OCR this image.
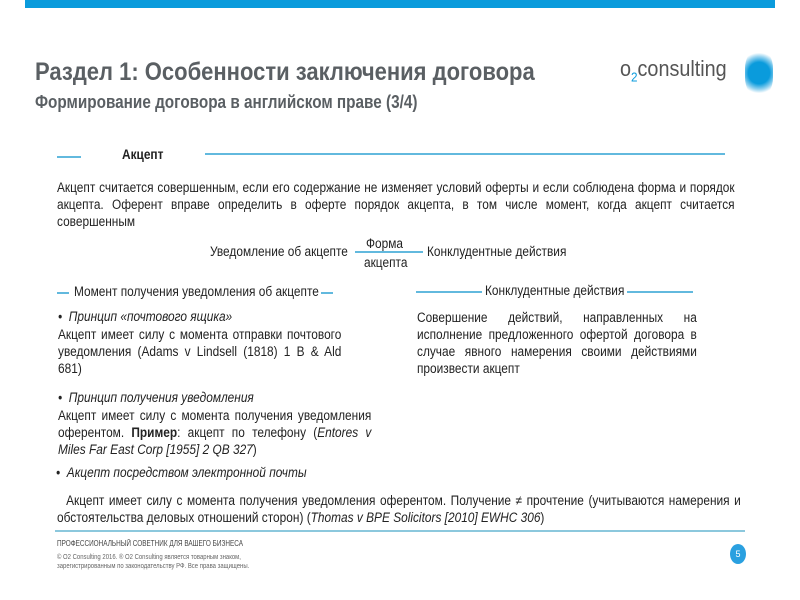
Раздел 1: Особенности заключения договора
Формирование договора в английском праве (3/4)
$o_2consulting$
Акцепт
Акцепт считается совершенным, если его содержание не изменяет условий оферты и если соблюдена форма и порядок акцепта. Оферент вправе определить в оферте порядок акцепта, в том числе момент, когда акцепт считается совершенным
Уведомление об акцепте
Форма
акцепта
Конклудентные действия
Момент получения уведомления об акцепте
•  Принцип «почтового ящика»
Акцепт имеет силу с момента отправки почтового уведомления (Adams v Lindsell (1818) 1 B & Ald 681)
•  Принцип получения уведомления
Акцепт имеет силу с момента получения уведомления оферентом. Пример: акцепт по телефону (Entores v Miles Far East Corp [1955] 2 QB 327)
•  Акцепт посредством электронной почты
Конклудентные действия
Совершение действий, направленных на исполнение предложенного офертой договора в случае явного намерения своими действиями произвести акцепт
Акцепт имеет силу с момента получения уведомления оферентом. Получение ≠ прочтение (учитываются намерения и обстоятельства деловых отношений сторон) (Thomas v BPE Solicitors [2010] EWHC 306)
ПРОФЕССИОНАЛЬНЫЙ СОВЕТНИК ДЛЯ ВАШЕГО БИЗНЕСА
© O2 Consulting 2016. ® O2 Consulting является товарным знаком, зарегистрированным по законодательству РФ. Все права защищены.
5
